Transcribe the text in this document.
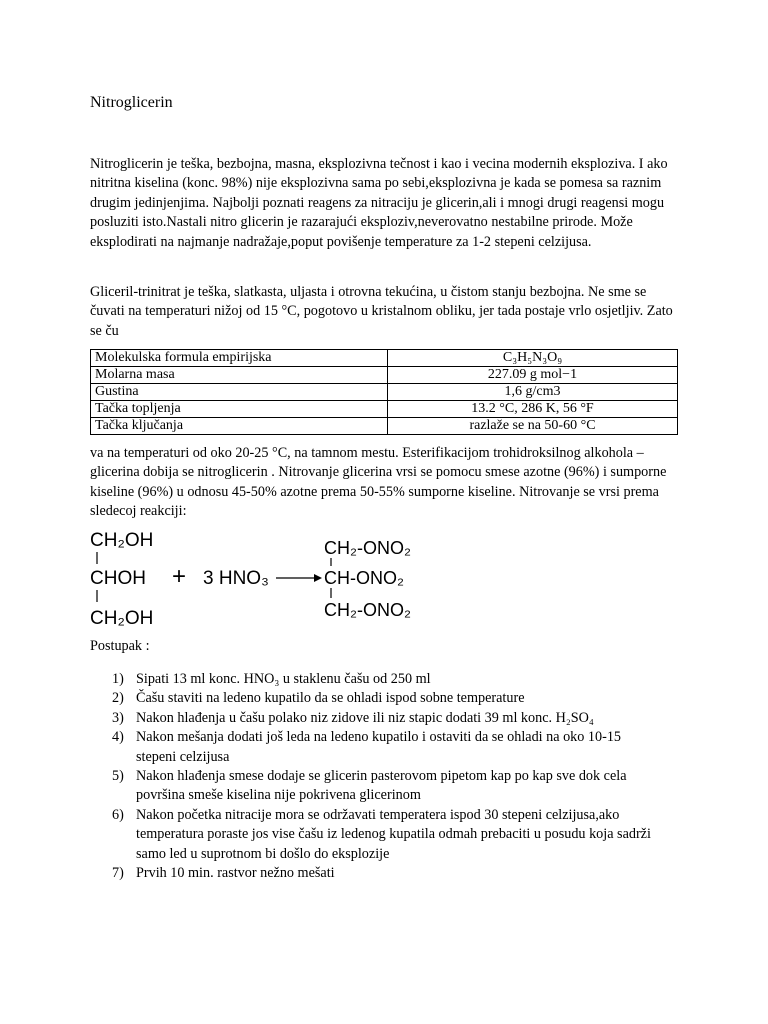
Nitroglicerin
Nitroglicerin je teška, bezbojna, masna, eksplozivna tečnost i kao i vecina modernih eksploziva. I ako nitritna kiselina (konc. 98%) nije eksplozivna sama po sebi,eksplozivna je kada se pomesa sa raznim drugim jedinjenjima. Najbolji poznati reagens za nitraciju je glicerin,ali i mnogi drugi reagensi mogu posluziti isto.Nastali nitro glicerin je razarajući eksploziv,neverovatno nestabilne prirode. Može eksplodirati na najmanje nadražaje,poput povišenje temperature za 1-2 stepeni celzijusa.
Gliceril-trinitrat je teška, slatkasta, uljasta i otrovna tekućina, u čistom stanju bezbojna. Ne sme se čuvati na temperaturi nižoj od 15 °C, pogotovo u kristalnom obliku, jer tada postaje vrlo osjetljiv. Zato se ču
Molekulska formula empirijska	C₃H₅N₃O₉
Molarna masa	227.09 g mol−1
Gustina	1,6 g/cm3
Tačka topljenja	13.2 °C, 286 K, 56 °F
Tačka ključanja	razlaže se na 50-60 °C
va na temperaturi od oko 20-25 °C, na tamnom mestu. Esterifikacijom trohidroksilnog alkohola – glicerina dobija se nitroglicerin . Nitrovanje glicerina vrsi se pomocu smese azotne (96%) i sumporne kiseline (96%) u odnosu 45-50% azotne prema 50-55% sumporne kiseline. Nitrovanje se vrsi prema sledecoj reakciji:
CH₂OH
CHOH
CH₂OH
+ 3 HNO₃
CH₂-ONO₂
CH-ONO₂
CH₂-ONO₂
Postupak :
1) Sipati 13 ml konc. HNO₃ u staklenu čašu od 250 ml
2) Čašu staviti na ledeno kupatilo da se ohladi ispod sobne temperature
3) Nakon hlađenja u čašu polako niz zidove ili niz stapic dodati 39 ml konc. H₂SO₄
4) Nakon mešanja dodati još leda na ledeno kupatilo i ostaviti da se ohladi na oko 10-15 stepeni celzijusa
5) Nakon hlađenja smese dodaje se glicerin pasterovom pipetom kap po kap sve dok cela površina smeše kiselina nije pokrivena glicerinom
6) Nakon početka nitracije mora se održavati temperatera ispod 30 stepeni celzijusa,ako temperatura poraste jos vise čašu iz ledenog kupatila odmah prebaciti u posudu koja sadrži samo led u suprotnom bi došlo do eksplozije
7) Prvih 10 min. rastvor nežno mešati
